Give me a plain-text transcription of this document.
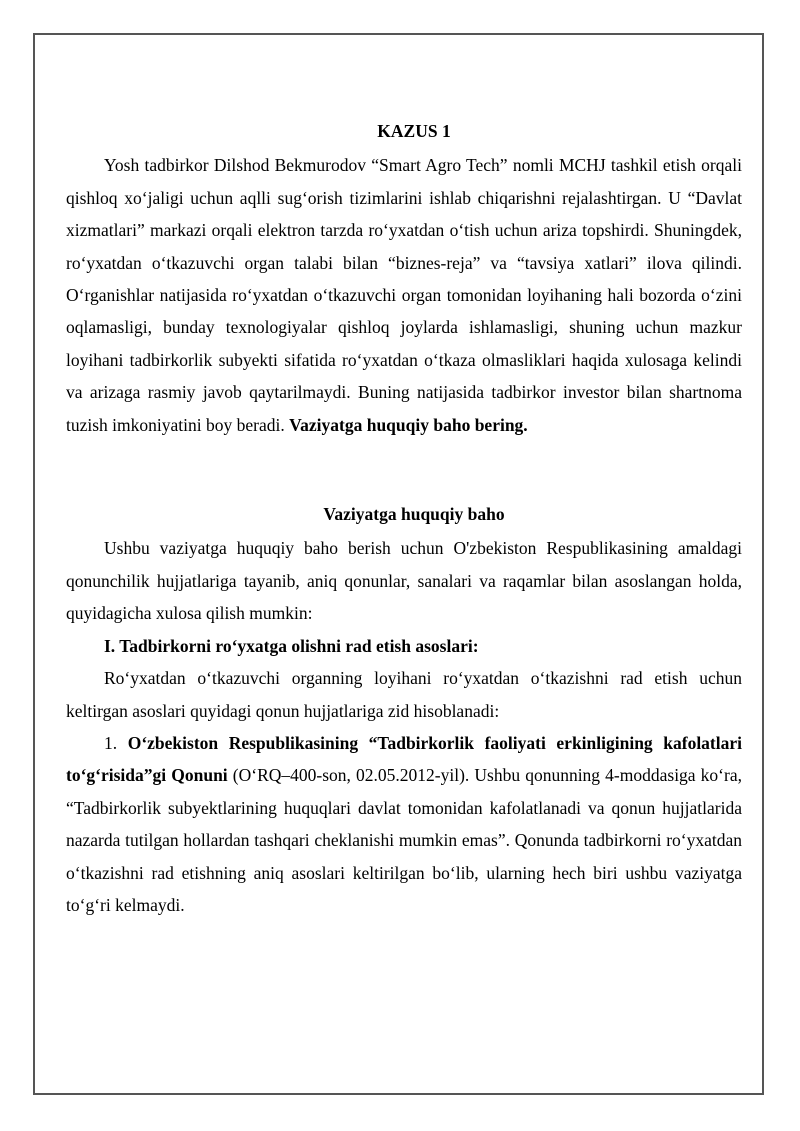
KAZUS 1

Yosh tadbirkor Dilshod Bekmurodov “Smart Agro Tech” nomli MCHJ tashkil etish orqali qishloq xo‘jaligi uchun aqlli sug‘orish tizimlarini ishlab chiqarishni rejalashtirgan. U “Davlat xizmatlari” markazi orqali elektron tarzda ro‘yxatdan o‘tish uchun ariza topshirdi. Shuningdek, ro‘yxatdan o‘tkazuvchi organ talabi bilan “biznes-reja” va “tavsiya xatlari” ilova qilindi. O‘rganishlar natijasida ro‘yxatdan o‘tkazuvchi organ tomonidan loyihaning hali bozorda o‘zini oqlamasligi, bunday texnologiyalar qishloq joylarda ishlamasligi, shuning uchun mazkur loyihani tadbirkorlik subyekti sifatida ro‘yxatdan o‘tkaza olmasliklari haqida xulosaga kelindi va arizaga rasmiy javob qaytarilmaydi. Buning natijasida tadbirkor investor bilan shartnoma tuzish imkoniyatini boy beradi. Vaziyatga huquqiy baho bering.

Vaziyatga huquqiy baho

Ushbu vaziyatga huquqiy baho berish uchun O'zbekiston Respublikasining amaldagi qonunchilik hujjatlariga tayanib, aniq qonunlar, sanalari va raqamlar bilan asoslangan holda, quyidagicha xulosa qilish mumkin:

I. Tadbirkorni ro‘yxatga olishni rad etish asoslari:

Ro‘yxatdan o‘tkazuvchi organning loyihani ro‘yxatdan o‘tkazishni rad etish uchun keltirgan asoslari quyidagi qonun hujjatlariga zid hisoblanadi:

1. O‘zbekiston Respublikasining “Tadbirkorlik faoliyati erkinligining kafolatlari to‘g‘risida”gi Qonuni (O‘RQ–400-son, 02.05.2012-yil). Ushbu qonunning 4-moddasiga ko‘ra, “Tadbirkorlik subyektlarining huquqlari davlat tomonidan kafolatlanadi va qonun hujjatlarida nazarda tutilgan hollardan tashqari cheklanishi mumkin emas”. Qonunda tadbirkorni ro‘yxatdan o‘tkazishni rad etishning aniq asoslari keltirilgan bo‘lib, ularning hech biri ushbu vaziyatga to‘g‘ri kelmaydi.
